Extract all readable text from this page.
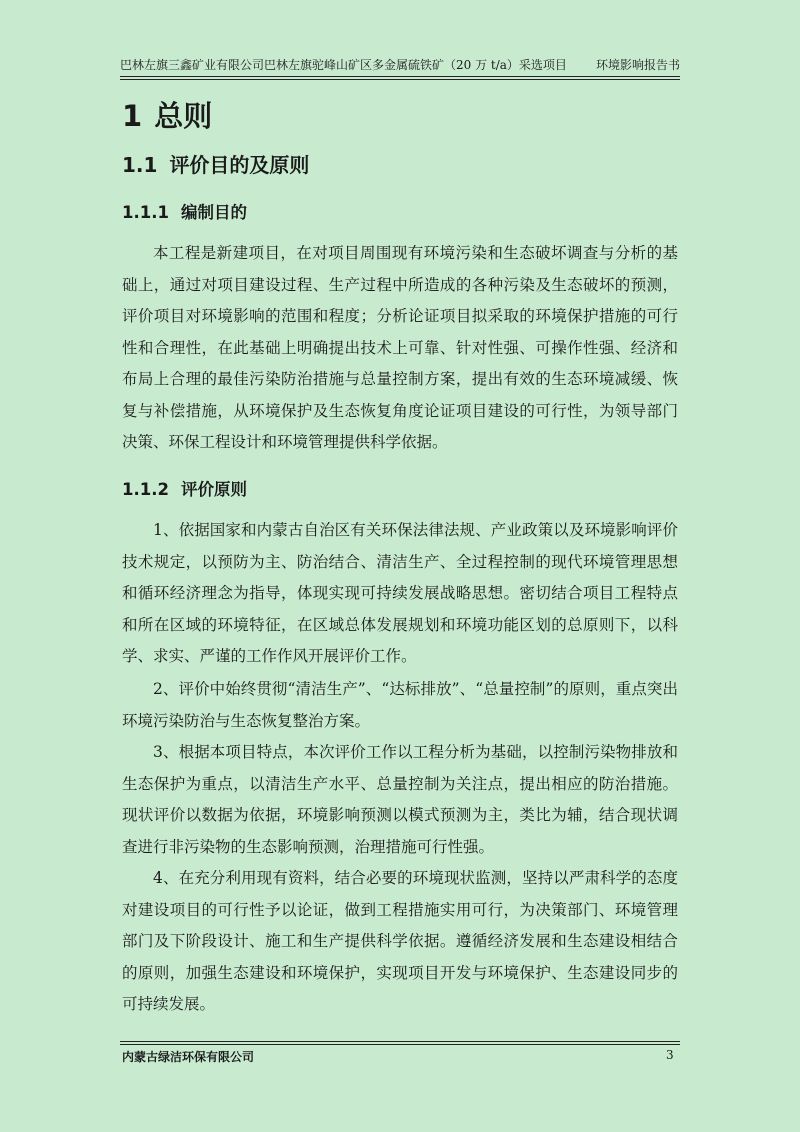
巴林左旗三鑫矿业有限公司巴林左旗驼峰山矿区多金属硫铁矿（20 万 t/a）采选项目 环境影响报告书
1 总则
1.1 评价目的及原则
1.1.1 编制目的

本工程是新建项目，在对项目周围现有环境污染和生态破坏调查与分析的基础上，通过对项目建设过程、生产过程中所造成的各种污染及生态破坏的预测，评价项目对环境影响的范围和程度；分析论证项目拟采取的环境保护措施的可行性和合理性，在此基础上明确提出技术上可靠、针对性强、可操作性强、经济和布局上合理的最佳污染防治措施与总量控制方案，提出有效的生态环境减缓、恢复与补偿措施，从环境保护及生态恢复角度论证项目建设的可行性，为领导部门决策、环保工程设计和环境管理提供科学依据。

1.1.2 评价原则

1、依据国家和内蒙古自治区有关环保法律法规、产业政策以及环境影响评价技术规定，以预防为主、防治结合、清洁生产、全过程控制的现代环境管理思想和循环经济理念为指导，体现实现可持续发展战略思想。密切结合项目工程特点和所在区域的环境特征，在区域总体发展规划和环境功能区划的总原则下，以科学、求实、严谨的工作作风开展评价工作。

2、评价中始终贯彻“清洁生产”、“达标排放”、“总量控制”的原则，重点突出环境污染防治与生态恢复整治方案。

3、根据本项目特点，本次评价工作以工程分析为基础，以控制污染物排放和生态保护为重点，以清洁生产水平、总量控制为关注点，提出相应的防治措施。现状评价以数据为依据，环境影响预测以模式预测为主，类比为辅，结合现状调查进行非污染物的生态影响预测，治理措施可行性强。

4、在充分利用现有资料，结合必要的环境现状监测，坚持以严肃科学的态度对建设项目的可行性予以论证，做到工程措施实用可行，为决策部门、环境管理部门及下阶段设计、施工和生产提供科学依据。遵循经济发展和生态建设相结合的原则，加强生态建设和环境保护，实现项目开发与环境保护、生态建设同步的可持续发展。

内蒙古绿洁环保有限公司	3
